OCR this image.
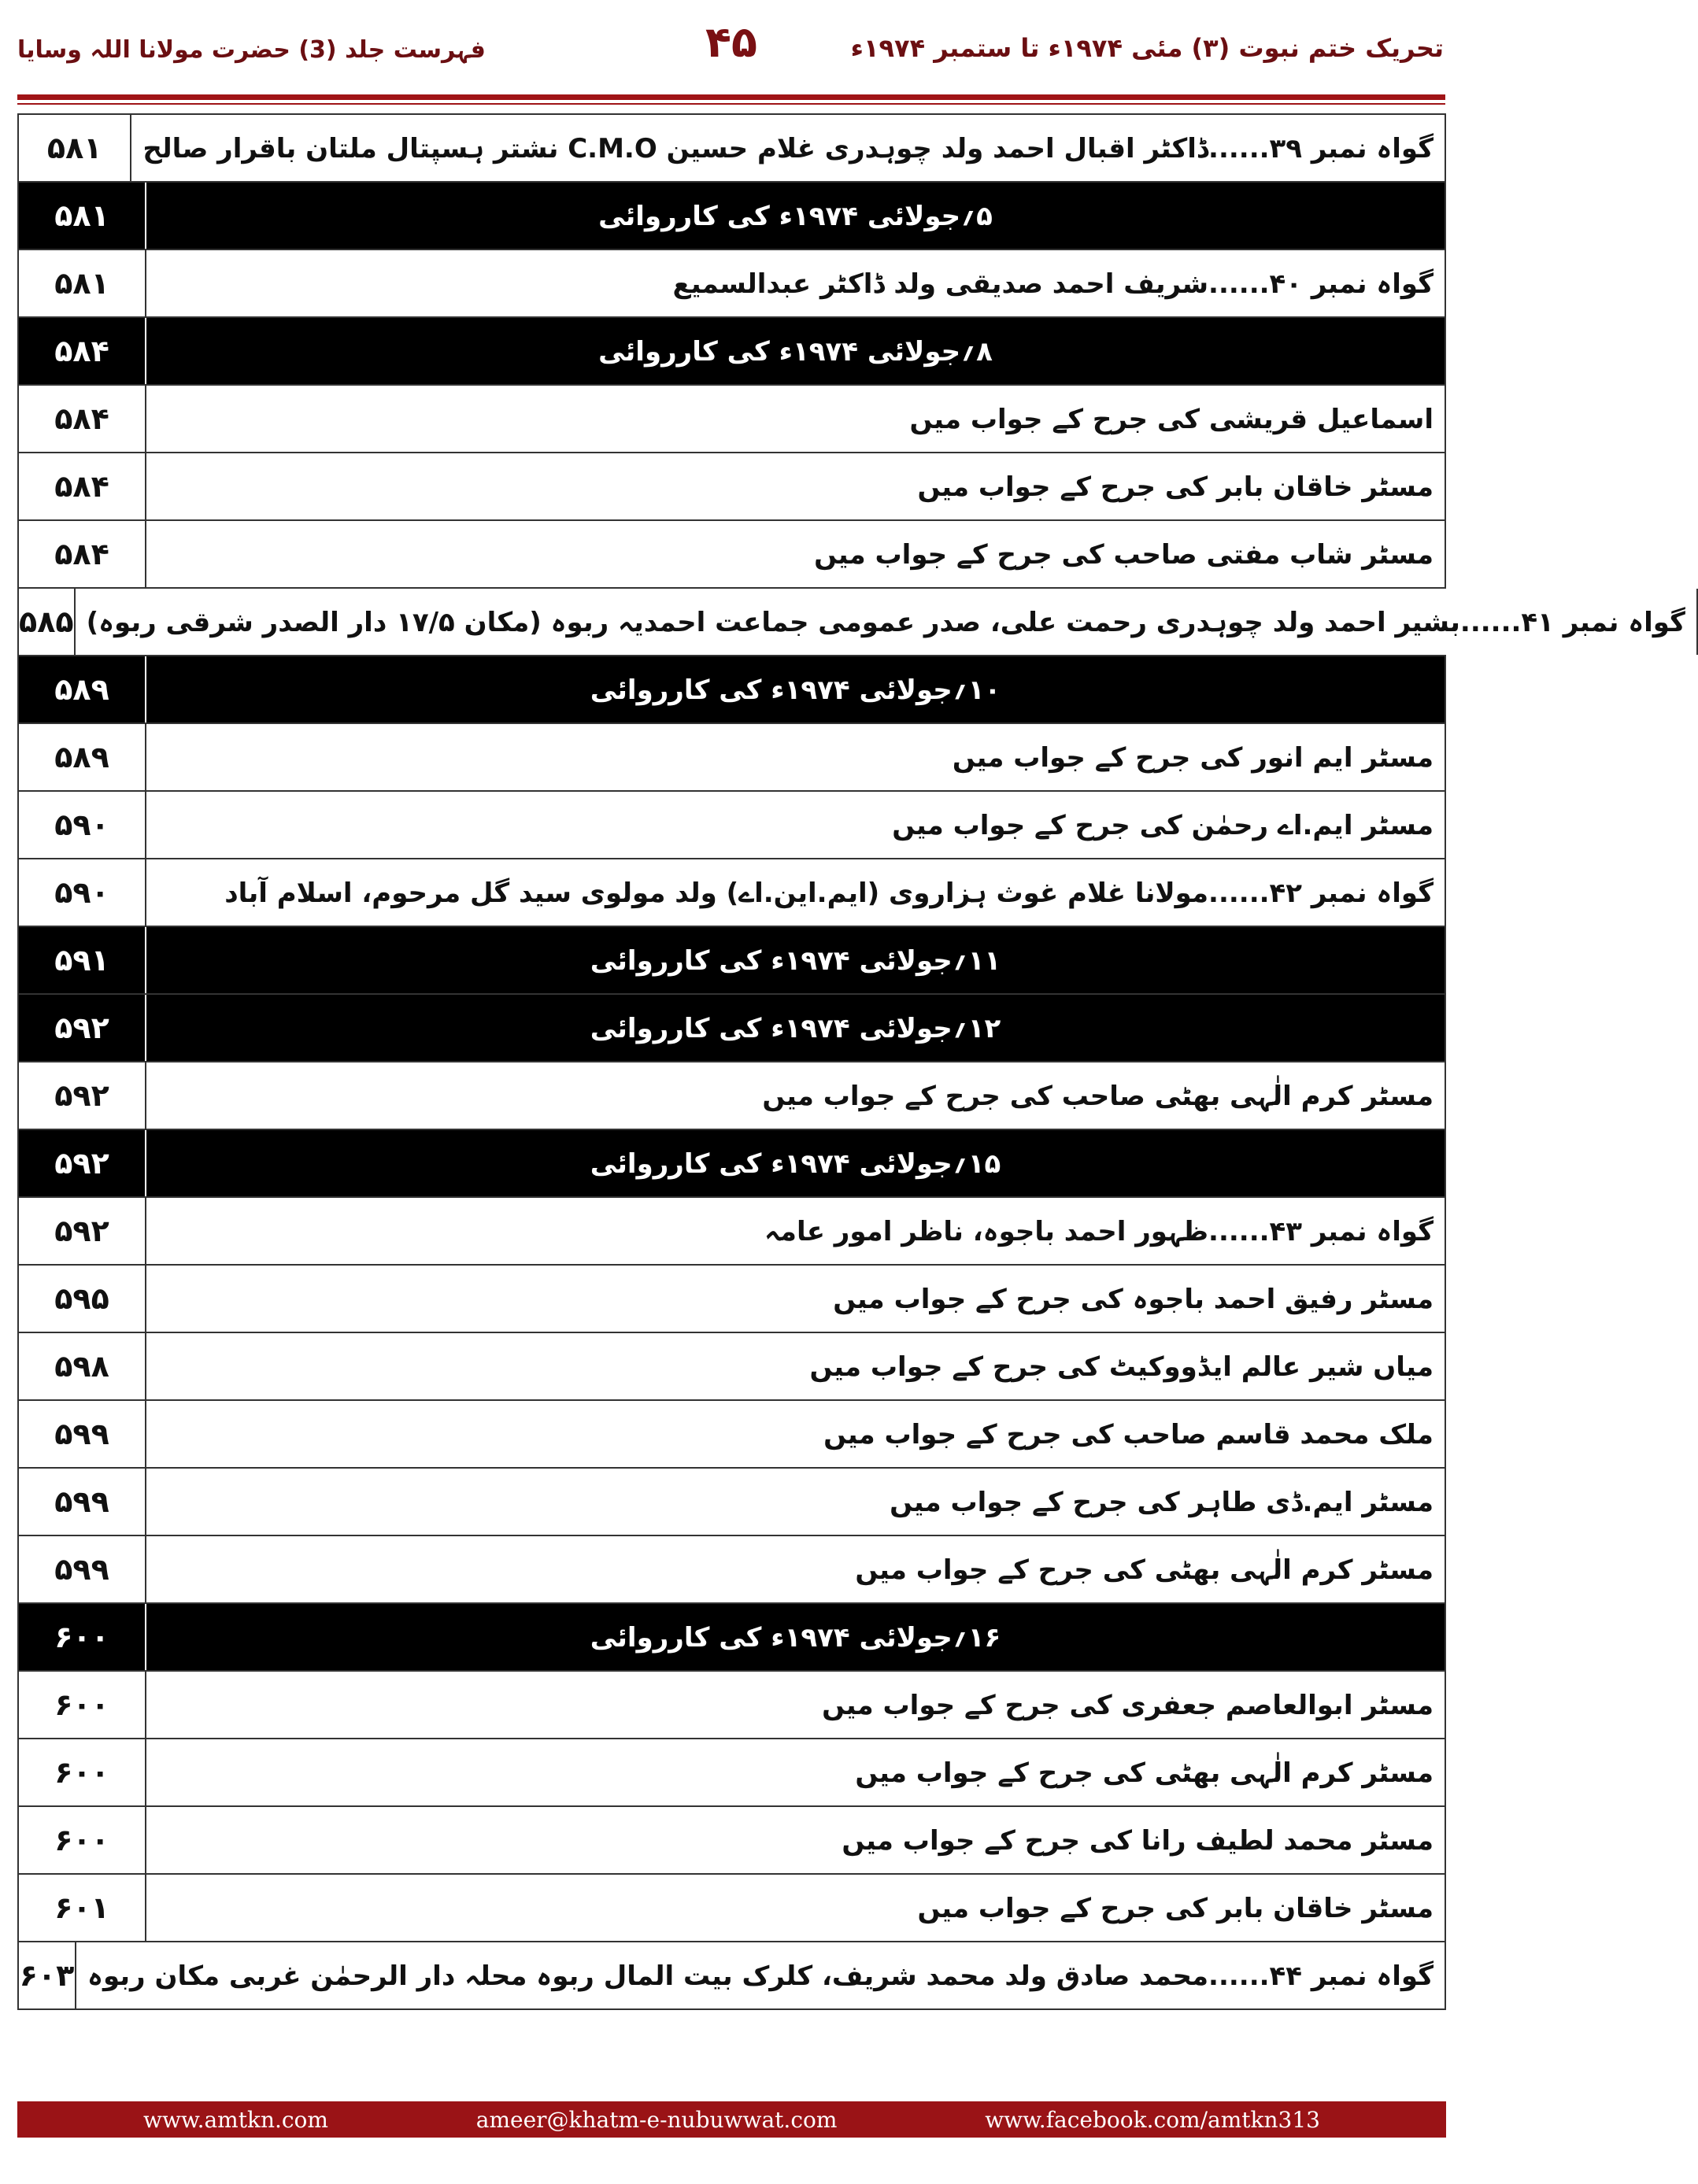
تحریک ختم نبوت (۳) مئی ۱۹۷۴ء تا ستمبر ۱۹۷۴ء
۴۵
فہرست جلد (3) حضرت مولانا اللہ وسایا
۵۸۱	گواہ نمبر ۳۹......ڈاکٹر اقبال احمد ولد چوہدری غلام حسین C.M.O نشتر ہسپتال ملتان باقرار صالح
۵۸۱	۵؍جولائی ۱۹۷۴ء کی کارروائی
۵۸۱	گواہ نمبر ۴۰......شریف احمد صدیقی ولد ڈاکٹر عبدالسمیع
۵۸۴	۸؍جولائی ۱۹۷۴ء کی کارروائی
۵۸۴	اسماعیل قریشی کی جرح کے جواب میں
۵۸۴	مسٹر خاقان بابر کی جرح کے جواب میں
۵۸۴	مسٹر شاب مفتی صاحب کی جرح کے جواب میں
۵۸۵ گواہ نمبر ۴۱......بشیر احمد ولد چوہدری رحمت علی، صدر عمومی جماعت احمدیہ ربوہ (مکان ۱۷/۵ دار الصدر شرقی ربوہ)
۵۸۹	۱۰؍جولائی ۱۹۷۴ء کی کارروائی
۵۸۹	مسٹر ایم انور کی جرح کے جواب میں
۵۹۰	مسٹر ایم.اے رحمٰن کی جرح کے جواب میں
۵۹۰	گواہ نمبر ۴۲......مولانا غلام غوث ہزاروی (ایم.این.اے) ولد مولوی سید گل مرحوم، اسلام آباد
۵۹۱	۱۱؍جولائی ۱۹۷۴ء کی کارروائی
۵۹۲	۱۲؍جولائی ۱۹۷۴ء کی کارروائی
۵۹۲	مسٹر کرم الٰہی بھٹی صاحب کی جرح کے جواب میں
۵۹۲	۱۵؍جولائی ۱۹۷۴ء کی کارروائی
۵۹۲	گواہ نمبر ۴۳......ظہور احمد باجوہ، ناظر امور عامہ
۵۹۵	مسٹر رفیق احمد باجوہ کی جرح کے جواب میں
۵۹۸	میاں شیر عالم ایڈووکیٹ کی جرح کے جواب میں
۵۹۹	ملک محمد قاسم صاحب کی جرح کے جواب میں
۵۹۹	مسٹر ایم.ڈی طاہر کی جرح کے جواب میں
۵۹۹	مسٹر کرم الٰہی بھٹی کی جرح کے جواب میں
۶۰۰	۱۶؍جولائی ۱۹۷۴ء کی کارروائی
۶۰۰	مسٹر ابوالعاصم جعفری کی جرح کے جواب میں
۶۰۰	مسٹر کرم الٰہی بھٹی کی جرح کے جواب میں
۶۰۰	مسٹر محمد لطیف رانا کی جرح کے جواب میں
۶۰۱	مسٹر خاقان بابر کی جرح کے جواب میں
۶۰۳ گواہ نمبر ۴۴......محمد صادق ولد محمد شریف، کلرک بیت المال ربوہ محلہ دار الرحمٰن غربی مکان ربوہ
www.amtkn.com	ameer@khatm-e-nubuwwat.com	www.facebook.com/amtkn313
